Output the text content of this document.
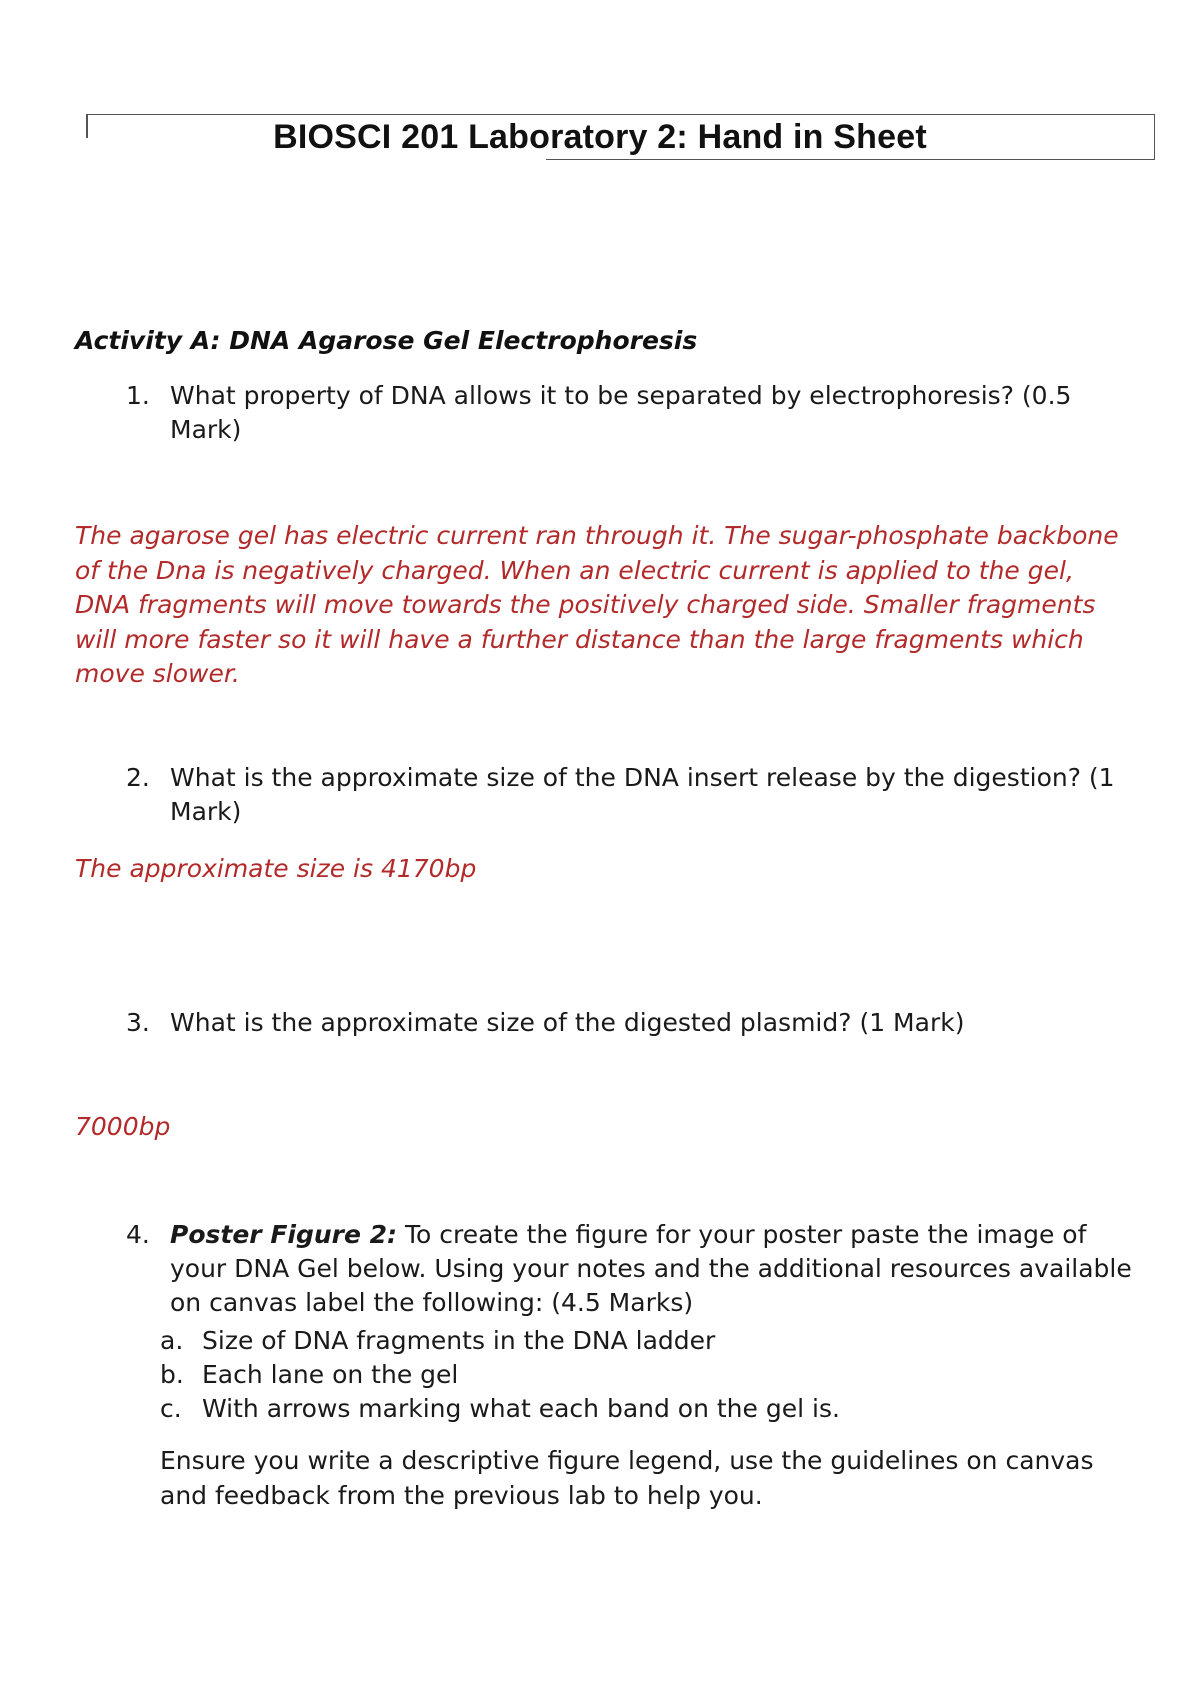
BIOSCI 201 Laboratory 2: Hand in Sheet
Activity A: DNA Agarose Gel Electrophoresis
1. What property of DNA allows it to be separated by electrophoresis? (0.5 Mark)
The agarose gel has electric current ran through it. The sugar-phosphate backbone of the Dna is negatively charged. When an electric current is applied to the gel, DNA fragments will move towards the positively charged side. Smaller fragments will more faster so it will have a further distance than the large fragments which move slower.
2. What is the approximate size of the DNA insert release by the digestion? (1 Mark)
The approximate size is 4170bp
3. What is the approximate size of the digested plasmid? (1 Mark)
7000bp
4. Poster Figure 2: To create the figure for your poster paste the image of your DNA Gel below. Using your notes and the additional resources available on canvas label the following: (4.5 Marks)
a. Size of DNA fragments in the DNA ladder
b. Each lane on the gel
c. With arrows marking what each band on the gel is.
Ensure you write a descriptive figure legend, use the guidelines on canvas and feedback from the previous lab to help you.
